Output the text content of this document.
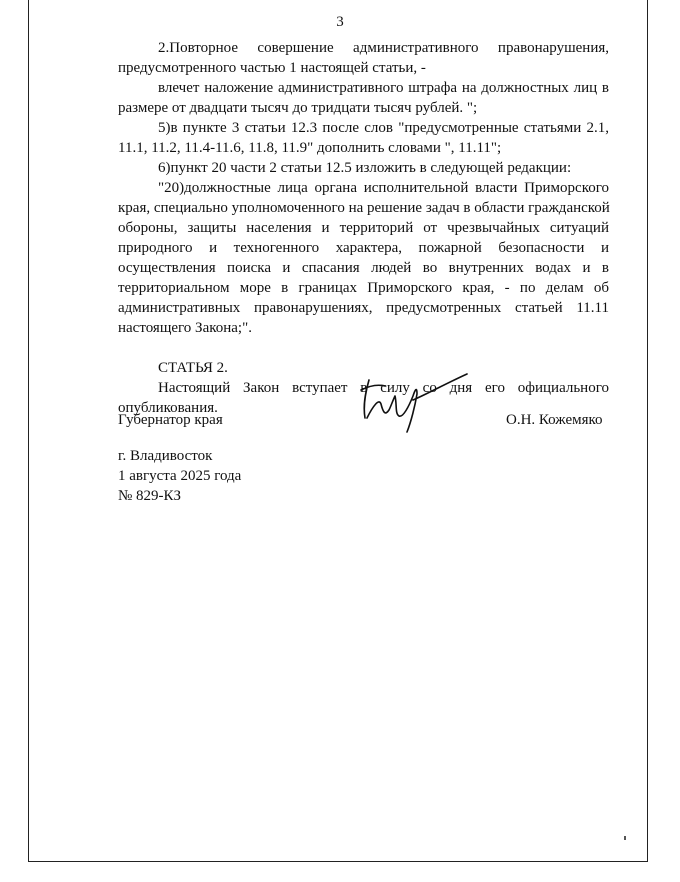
3
2.Повторное совершение административного правонарушения,
предусмотренного частью 1 настоящей статьи, -
влечет наложение административного штрафа на должностных лиц в
размере от двадцати тысяч до тридцати тысяч рублей. ";
5)в пункте 3 статьи 12.3 после слов "предусмотренные статьями 2.1,
11.1, 11.2, 11.4-11.6, 11.8, 11.9" дополнить словами ", 11.11";
6)пункт 20 части 2 статьи 12.5 изложить в следующей редакции:
"20)должностные лица органа исполнительной власти Приморского
края, специально уполномоченного на решение задач в области гражданской
обороны, защиты населения и территорий от чрезвычайных ситуаций
природного и техногенного характера, пожарной безопасности и
осуществления поиска и спасания людей во внутренних водах и в
территориальном море в границах Приморского края, - по делам об
административных правонарушениях, предусмотренных статьей 11.11
настоящего Закона;".
СТАТЬЯ 2.
Настоящий Закон вступает в силу со дня его официального
опубликования.
Губернатор края	О.Н. Кожемяко
г. Владивосток
1 августа 2025 года
№ 829-КЗ
